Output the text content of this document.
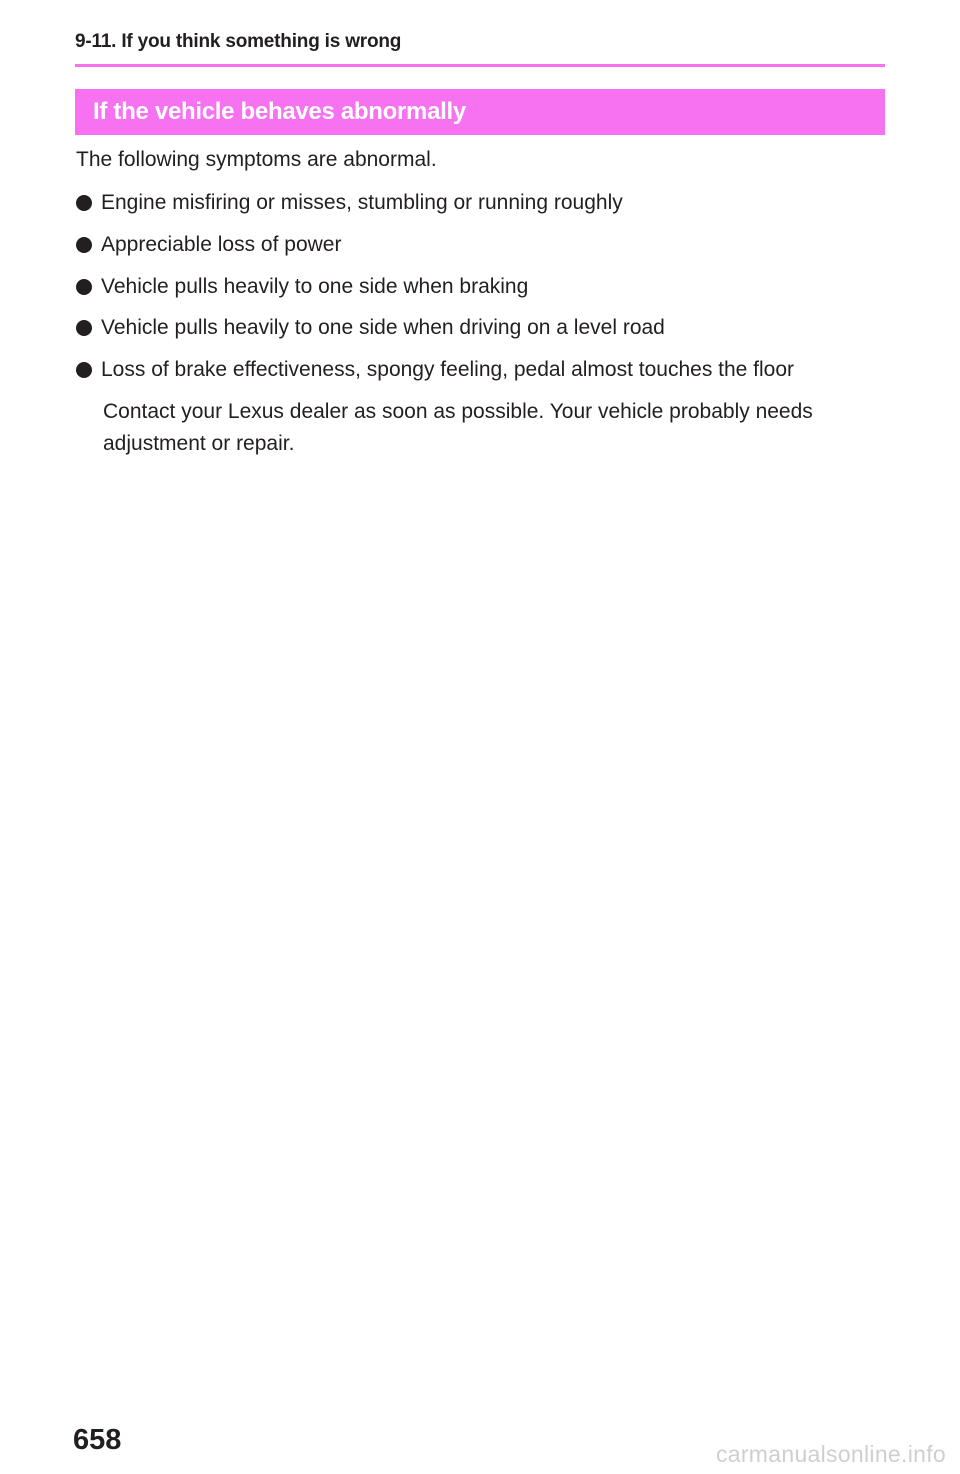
9-11. If you think something is wrong
If the vehicle behaves abnormally
The following symptoms are abnormal.
Engine misfiring or misses, stumbling or running roughly
Appreciable loss of power
Vehicle pulls heavily to one side when braking
Vehicle pulls heavily to one side when driving on a level road
Loss of brake effectiveness, spongy feeling, pedal almost touches the floor
Contact your Lexus dealer as soon as possible. Your vehicle probably needs adjustment or repair.
658	carmanualsonline.info
